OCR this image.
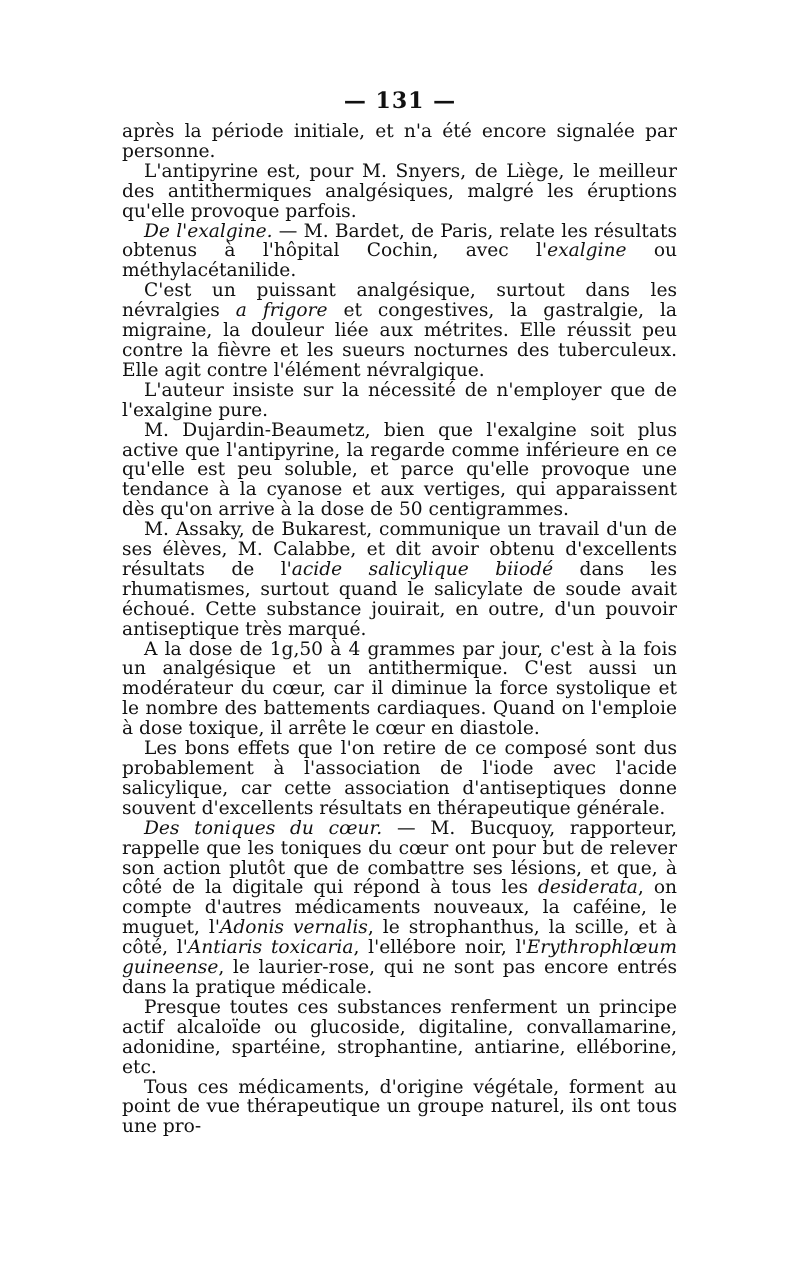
— 131 —

après la période initiale, et n'a été encore signalée par personne.

L'antipyrine est, pour M. Snyers, de Liège, le meilleur des antithermiques analgésiques, malgré les éruptions qu'elle provoque parfois.

De l'exalgine. — M. Bardet, de Paris, relate les résultats obtenus à l'hôpital Cochin, avec l'exalgine ou méthylacétanilide.

C'est un puissant analgésique, surtout dans les névralgies a frigore et congestives, la gastralgie, la migraine, la douleur liée aux métrites. Elle réussit peu contre la fièvre et les sueurs nocturnes des tuberculeux. Elle agit contre l'élément névralgique.

L'auteur insiste sur la nécessité de n'employer que de l'exalgine pure.

M. Dujardin-Beaumetz, bien que l'exalgine soit plus active que l'antipyrine, la regarde comme inférieure en ce qu'elle est peu soluble, et parce qu'elle provoque une tendance à la cyanose et aux vertiges, qui apparaissent dès qu'on arrive à la dose de 50 centigrammes.

M. Assaky, de Bukarest, communique un travail d'un de ses élèves, M. Calabbe, et dit avoir obtenu d'excellents résultats de l'acide salicylique biiodé dans les rhumatismes, surtout quand le salicylate de soude avait échoué. Cette substance jouirait, en outre, d'un pouvoir antiseptique très marqué.

A la dose de 1g,50 à 4 grammes par jour, c'est à la fois un analgésique et un antithermique. C'est aussi un modérateur du cœur, car il diminue la force systolique et le nombre des battements cardiaques. Quand on l'emploie à dose toxique, il arrête le cœur en diastole.

Les bons effets que l'on retire de ce composé sont dus probablement à l'association de l'iode avec l'acide salicylique, car cette association d'antiseptiques donne souvent d'excellents résultats en thérapeutique générale.

Des toniques du cœur. — M. Bucquoy, rapporteur, rappelle que les toniques du cœur ont pour but de relever son action plutôt que de combattre ses lésions, et que, à côté de la digitale qui répond à tous les desiderata, on compte d'autres médicaments nouveaux, la caféine, le muguet, l'Adonis vernalis, le strophanthus, la scille, et à côté, l'Antiaris toxicaria, l'ellébore noir, l'Erythrophlœum guineense, le laurier-rose, qui ne sont pas encore entrés dans la pratique médicale.

Presque toutes ces substances renferment un principe actif alcaloïde ou glucoside, digitaline, convallamarine, adonidine, spartéine, strophantine, antiarine, elléborine, etc.

Tous ces médicaments, d'origine végétale, forment au point de vue thérapeutique un groupe naturel, ils ont tous une pro-
